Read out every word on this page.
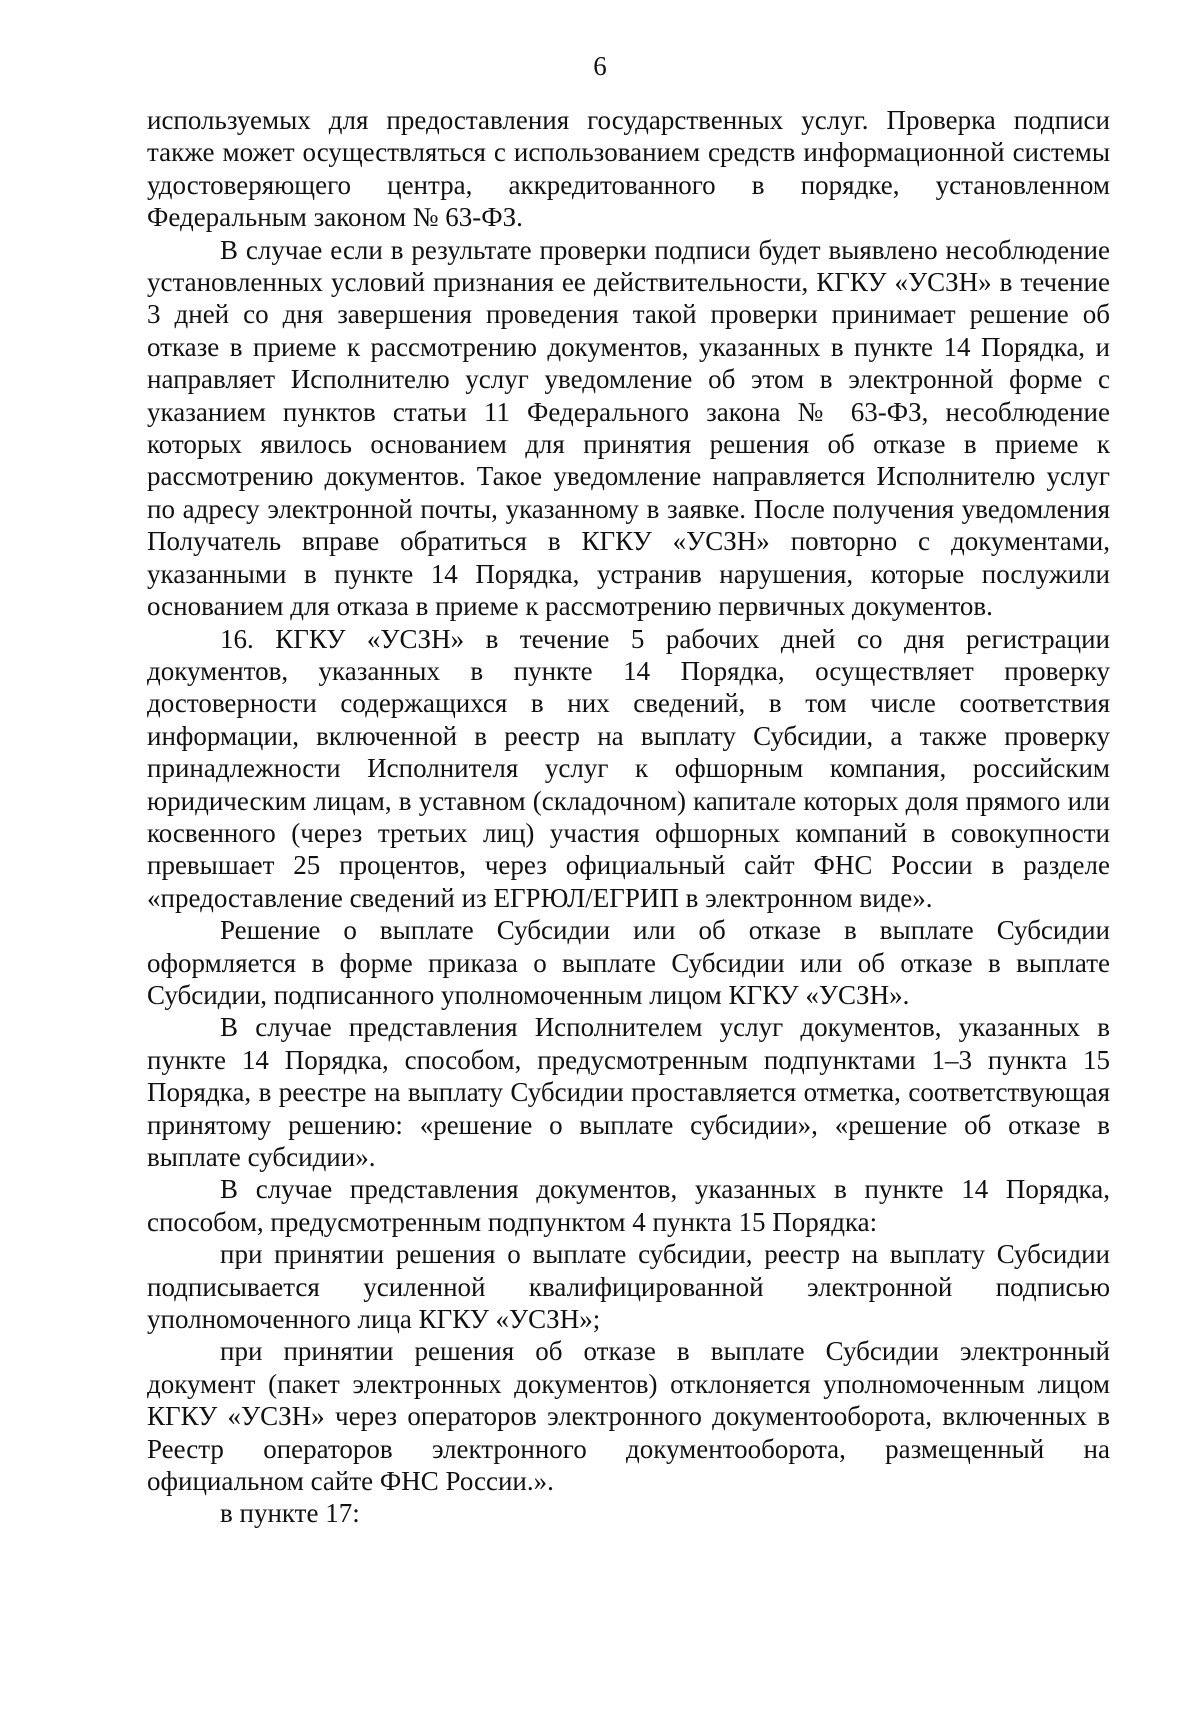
6

используемых для предоставления государственных услуг. Проверка подписи также может осуществляться с использованием средств информационной системы удостоверяющего центра, аккредитованного в порядке, установленном Федеральным законом № 63-ФЗ.

В случае если в результате проверки подписи будет выявлено несоблюдение установленных условий признания ее действительности, КГКУ «УСЗН» в течение 3 дней со дня завершения проведения такой проверки принимает решение об отказе в приеме к рассмотрению документов, указанных в пункте 14 Порядка, и направляет Исполнителю услуг уведомление об этом в электронной форме с указанием пунктов статьи 11 Федерального закона № 63-ФЗ, несоблюдение которых явилось основанием для принятия решения об отказе в приеме к рассмотрению документов. Такое уведомление направляется Исполнителю услуг по адресу электронной почты, указанному в заявке. После получения уведомления Получатель вправе обратиться в КГКУ «УСЗН» повторно с документами, указанными в пункте 14 Порядка, устранив нарушения, которые послужили основанием для отказа в приеме к рассмотрению первичных документов.

16. КГКУ «УСЗН» в течение 5 рабочих дней со дня регистрации документов, указанных в пункте 14 Порядка, осуществляет проверку достоверности содержащихся в них сведений, в том числе соответствия информации, включенной в реестр на выплату Субсидии, а также проверку принадлежности Исполнителя услуг к офшорным компания, российским юридическим лицам, в уставном (складочном) капитале которых доля прямого или косвенного (через третьих лиц) участия офшорных компаний в совокупности превышает 25 процентов, через официальный сайт ФНС России в разделе «предоставление сведений из ЕГРЮЛ/ЕГРИП в электронном виде».

Решение о выплате Субсидии или об отказе в выплате Субсидии оформляется в форме приказа о выплате Субсидии или об отказе в выплате Субсидии, подписанного уполномоченным лицом КГКУ «УСЗН».

В случае представления Исполнителем услуг документов, указанных в пункте 14 Порядка, способом, предусмотренным подпунктами 1–3 пункта 15 Порядка, в реестре на выплату Субсидии проставляется отметка, соответствующая принятому решению: «решение о выплате субсидии», «решение об отказе в выплате субсидии».

В случае представления документов, указанных в пункте 14 Порядка, способом, предусмотренным подпунктом 4 пункта 15 Порядка:

при принятии решения о выплате субсидии, реестр на выплату Субсидии подписывается усиленной квалифицированной электронной подписью уполномоченного лица КГКУ «УСЗН»;

при принятии решения об отказе в выплате Субсидии электронный документ (пакет электронных документов) отклоняется уполномоченным лицом КГКУ «УСЗН» через операторов электронного документооборота, включенных в Реестр операторов электронного документооборота, размещенный на официальном сайте ФНС России.».

в пункте 17:
